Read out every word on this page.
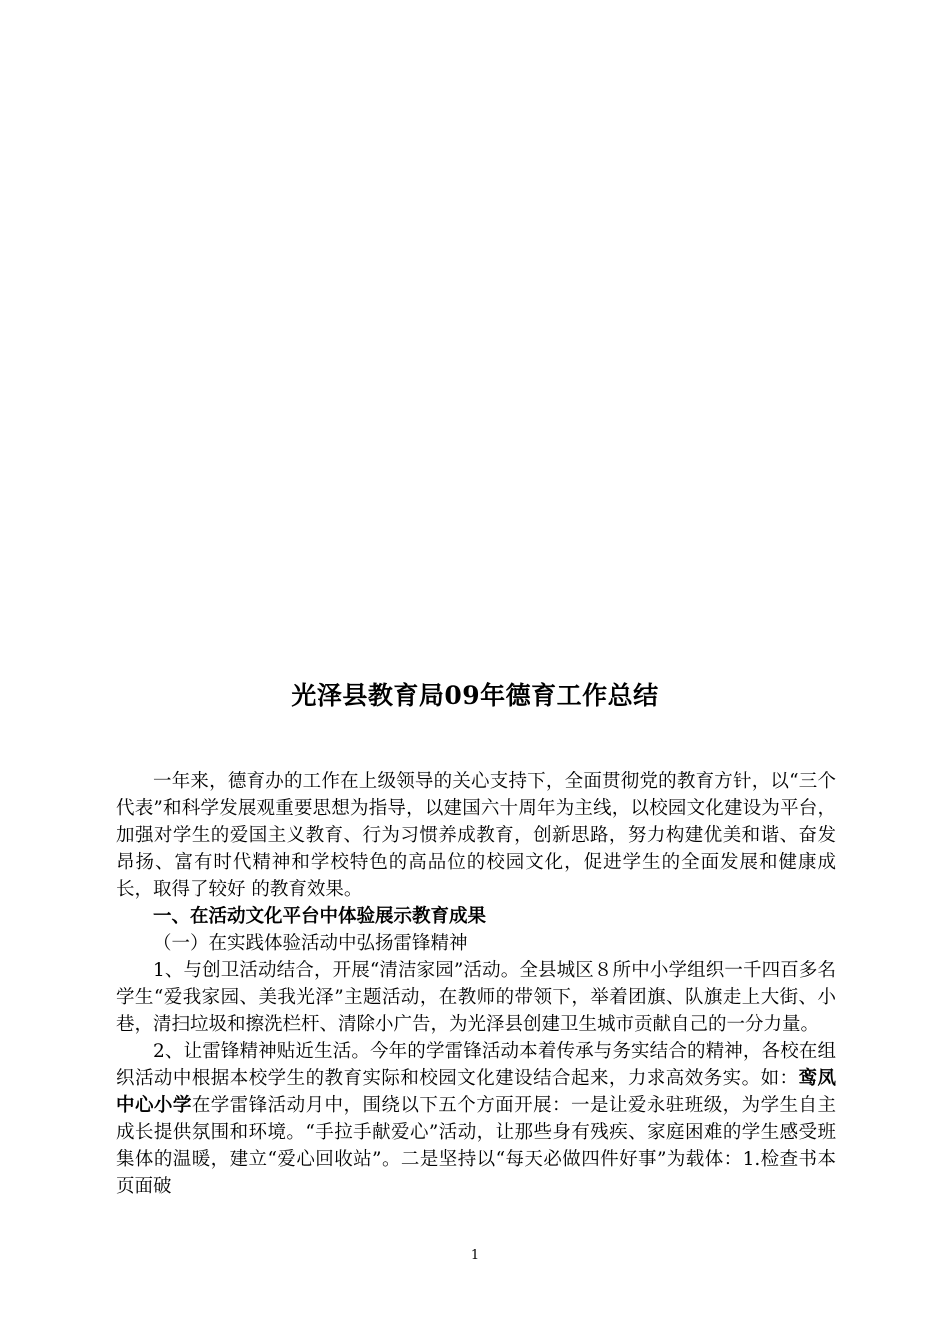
光泽县教育局09年德育工作总结

一年来，德育办的工作在上级领导的关心支持下，全面贯彻党的教育方针，以“三个代表”和科学发展观重要思想为指导，以建国六十周年为主线，以校园文化建设为平台，加强对学生的爱国主义教育、行为习惯养成教育，创新思路，努力构建优美和谐、奋发昂扬、富有时代精神和学校特色的高品位的校园文化，促进学生的全面发展和健康成长，取得了较好 的教育效果。

一、在活动文化平台中体验展示教育成果

（一）在实践体验活动中弘扬雷锋精神

1、与创卫活动结合，开展“清洁家园”活动。全县城区８所中小学组织一千四百多名学生“爱我家园、美我光泽”主题活动，在教师的带领下，举着团旗、队旗走上大街、小巷，清扫垃圾和擦洗栏杆、清除小广告，为光泽县创建卫生城市贡献自己的一分力量。

2、让雷锋精神贴近生活。今年的学雷锋活动本着传承与务实结合的精神，各校在组织活动中根据本校学生的教育实际和校园文化建设结合起来，力求高效务实。如：鸾凤中心小学在学雷锋活动月中，围绕以下五个方面开展：一是让爱永驻班级，为学生自主成长提供氛围和环境。“手拉手献爱心”活动，让那些身有残疾、家庭困难的学生感受班集体的温暖，建立“爱心回收站”。二是坚持以“每天必做四件好事”为载体：1.检查书本页面破

1
